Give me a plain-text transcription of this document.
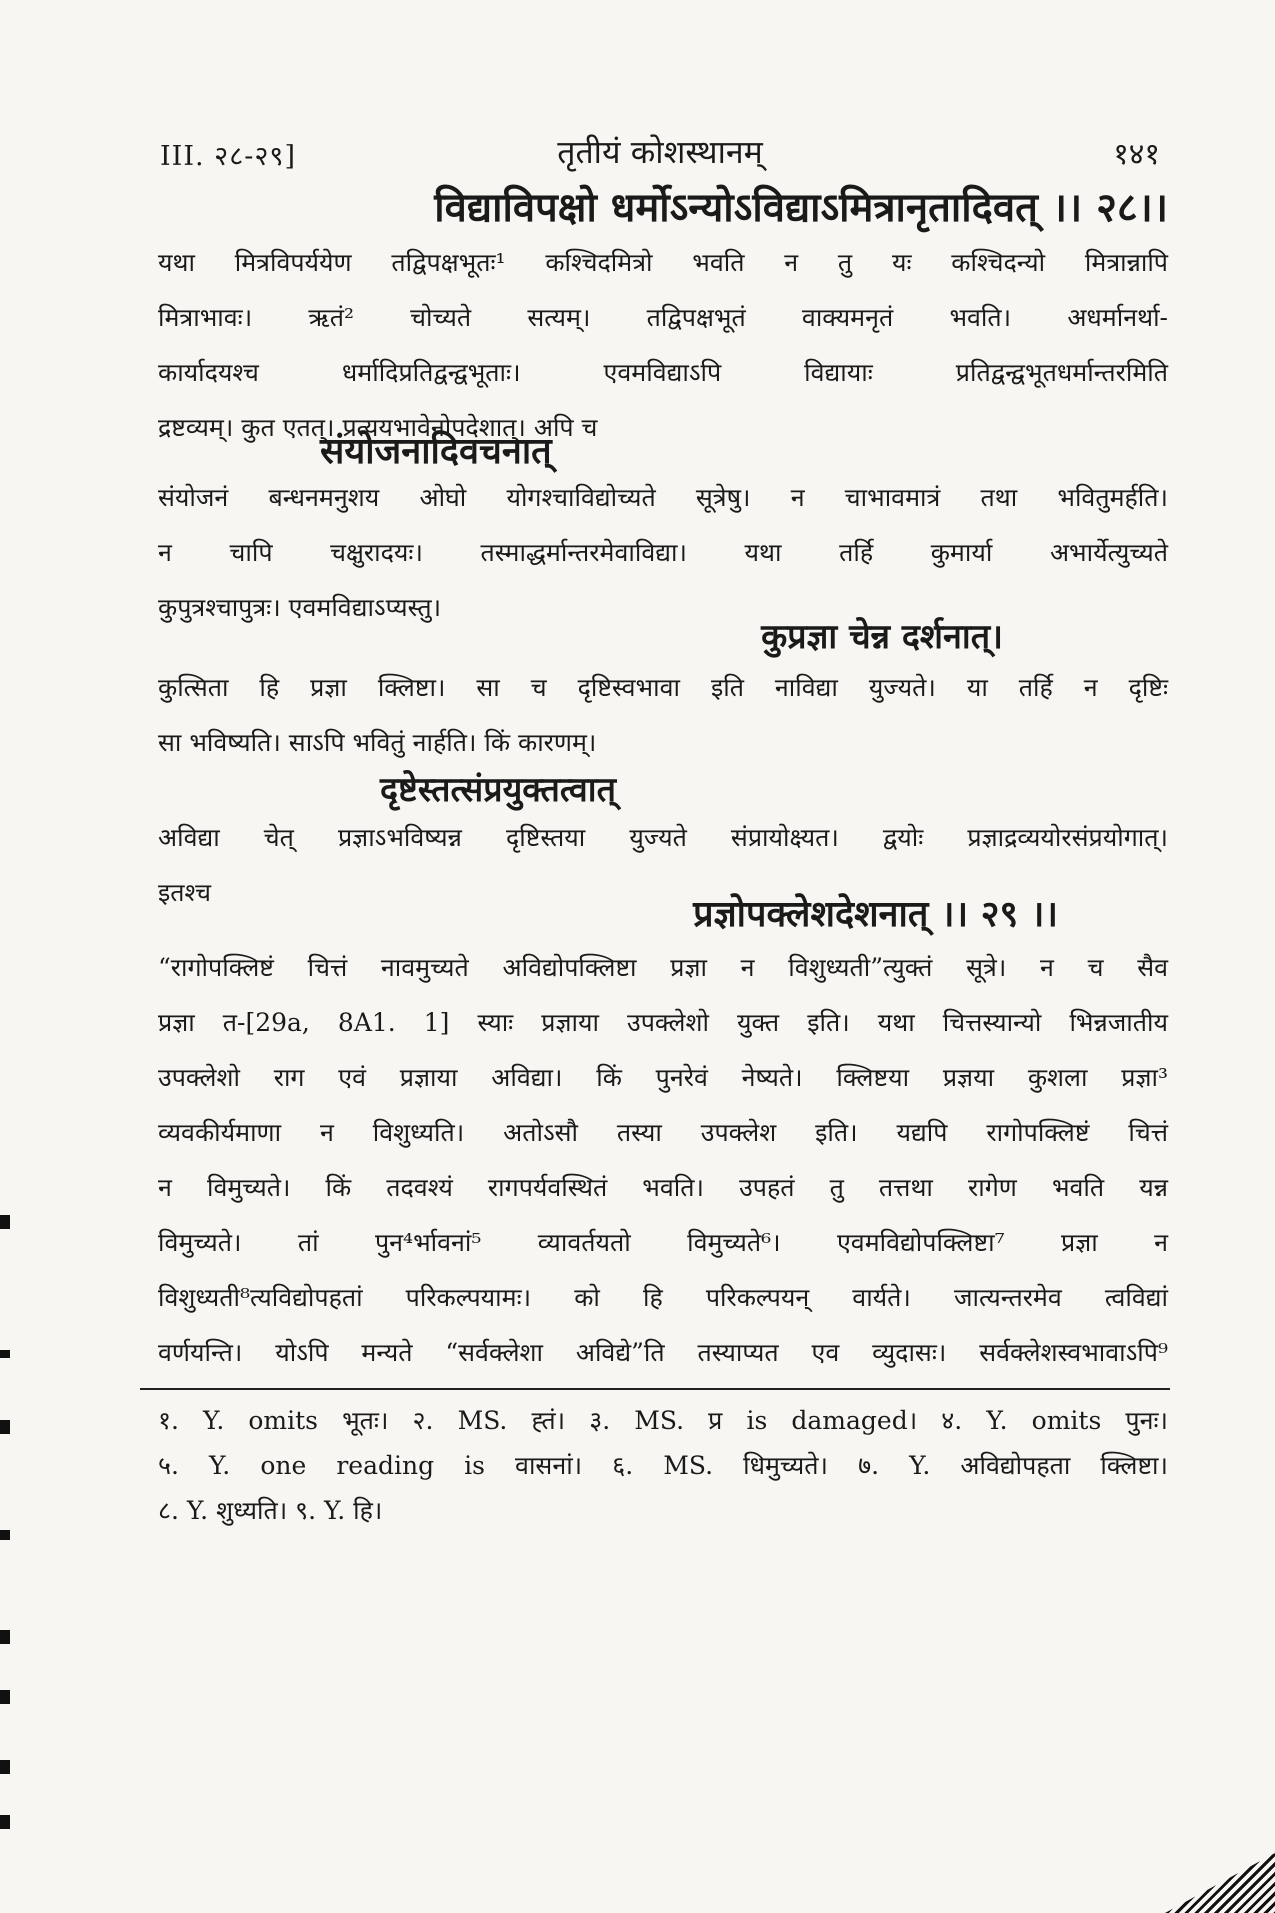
III. २८-२९]	तृतीयं कोशस्थानम्	१४१
विद्याविपक्षो धर्मोऽन्योऽविद्याऽमित्रानृतादिवत् ।। २८।।
यथा मित्रविपर्ययेण तद्विपक्षभूतः¹ कश्चिदमित्रो भवति न तु यः कश्चिदन्यो मित्रान्नापि
मित्राभावः। ऋतं² चोच्यते सत्यम्। तद्विपक्षभूतं वाक्यमनृतं भवति। अधर्मानर्था-
कार्यादयश्च धर्मादिप्रतिद्वन्द्वभूताः। एवमविद्याऽपि विद्यायाः प्रतिद्वन्द्वभूतधर्मान्तरमिति
द्रष्टव्यम्। कुत एतत्। प्रत्ययभावेनोपदेशात्। अपि च
संयोजनादिवचनात्
संयोजनं बन्धनमनुशय ओघो योगश्चाविद्योच्यते सूत्रेषु। न चाभावमात्रं तथा भवितुमर्हति।
न चापि चक्षुरादयः। तस्माद्धर्मान्तरमेवाविद्या। यथा तर्हि कुमार्या अभार्येत्युच्यते
कुपुत्रश्चापुत्रः। एवमविद्याऽप्यस्तु।
कुप्रज्ञा चेन्न दर्शनात्।
कुत्सिता हि प्रज्ञा क्लिष्टा। सा च दृष्टिस्वभावा इति नाविद्या युज्यते। या तर्हि न दृष्टिः
सा भविष्यति। साऽपि भवितुं नार्हति। किं कारणम्।
दृष्टेस्तत्संप्रयुक्तत्वात्
अविद्या चेत् प्रज्ञाऽभविष्यन्न दृष्टिस्तया युज्यते संप्रायोक्ष्यत। द्वयोः प्रज्ञाद्रव्ययोरसंप्रयोगात्।
इतश्च
प्रज्ञोपक्लेशदेशनात् ।। २९ ।।
“रागोपक्लिष्टं चित्तं नावमुच्यते अविद्योपक्लिष्टा प्रज्ञा न विशुध्यती”त्युक्तं सूत्रे। न च सैव
प्रज्ञा त-[29a, 8A1. 1] स्याः प्रज्ञाया उपक्लेशो युक्त इति। यथा चित्तस्यान्यो भिन्नजातीय
उपक्लेशो राग एवं प्रज्ञाया अविद्या। किं पुनरेवं नेष्यते। क्लिष्टया प्रज्ञया कुशला प्रज्ञा³
व्यवकीर्यमाणा न विशुध्यति। अतोऽसौ तस्या उपक्लेश इति। यद्यपि रागोपक्लिष्टं चित्तं
न विमुच्यते। किं तदवश्यं रागपर्यवस्थितं भवति। उपहतं तु तत्तथा रागेण भवति यन्न
विमुच्यते। तां पुन⁴र्भावनां⁵ व्यावर्तयतो विमुच्यते⁶। एवमविद्योपक्लिष्टा⁷ प्रज्ञा न
विशुध्यती⁸त्यविद्योपहतां परिकल्पयामः। को हि परिकल्पयन् वार्यते। जात्यन्तरमेव त्वविद्यां
वर्णयन्ति। योऽपि मन्यते “सर्वक्लेशा अविद्ये”ति तस्याप्यत एव व्युदासः। सर्वक्लेशस्वभावाऽपि⁹
१. Y. omits भूतः। २. MS. ह्तं। ३. MS. प्र is damaged। ४. Y. omits पुनः।
५. Y. one reading is वासनां। ६. MS. धिमुच्यते। ७. Y. अविद्योपहता क्लिष्टा।
८. Y. शुध्यति। ९. Y. हि।
